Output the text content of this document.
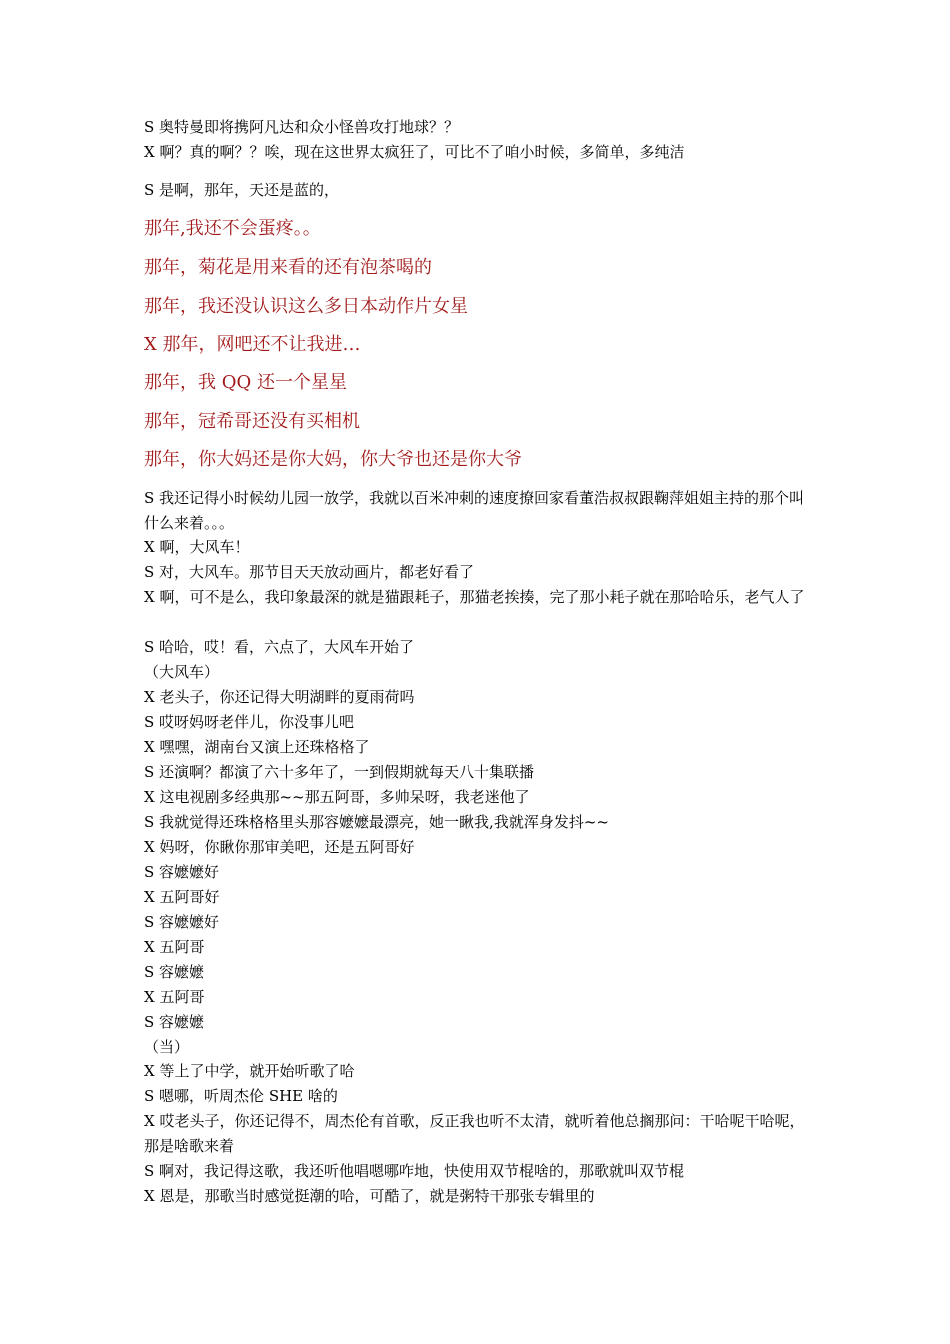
S 奥特曼即将携阿凡达和众小怪兽攻打地球？？
X 啊？真的啊？？唉，现在这世界太疯狂了，可比不了咱小时候，多简单，多纯洁
S 是啊，那年，天还是蓝的，
那年,我还不会蛋疼。。
那年，菊花是用来看的还有泡茶喝的
那年，我还没认识这么多日本动作片女星
X 那年，网吧还不让我进…
那年，我 QQ 还一个星星
那年，冠希哥还没有买相机
那年，你大妈还是你大妈，你大爷也还是你大爷
S 我还记得小时候幼儿园一放学，我就以百米冲刺的速度撩回家看董浩叔叔跟鞠萍姐姐主持的那个叫什么来着。。。
X 啊，大风车！
S 对，大风车。那节目天天放动画片，都老好看了
X 啊，可不是么，我印象最深的就是猫跟耗子，那猫老挨揍，完了那小耗子就在那哈哈乐，老气人了
S 哈哈，哎！看，六点了，大风车开始了
（大风车）
X 老头子，你还记得大明湖畔的夏雨荷吗
S 哎呀妈呀老伴儿，你没事儿吧
X 嘿嘿，湖南台又演上还珠格格了
S 还演啊？都演了六十多年了，一到假期就每天八十集联播
X 这电视剧多经典那~~那五阿哥，多帅呆呀，我老迷他了
S 我就觉得还珠格格里头那容嬷嬷最漂亮，她一瞅我,我就浑身发抖~~
X 妈呀，你瞅你那审美吧，还是五阿哥好
S 容嬷嬷好
X 五阿哥好
S 容嬷嬷好
X 五阿哥
S 容嬷嬷
X 五阿哥
S 容嬷嬷
（当）
X 等上了中学，就开始听歌了哈
S 嗯哪，听周杰伦 SHE 啥的
X 哎老头子，你还记得不，周杰伦有首歌，反正我也听不太清，就听着他总搁那问：干哈呢干哈呢，那是啥歌来着
S 啊对，我记得这歌，我还听他唱嗯哪咋地，快使用双节棍啥的，那歌就叫双节棍
X 恩是，那歌当时感觉挺潮的哈，可酷了，就是粥特干那张专辑里的
